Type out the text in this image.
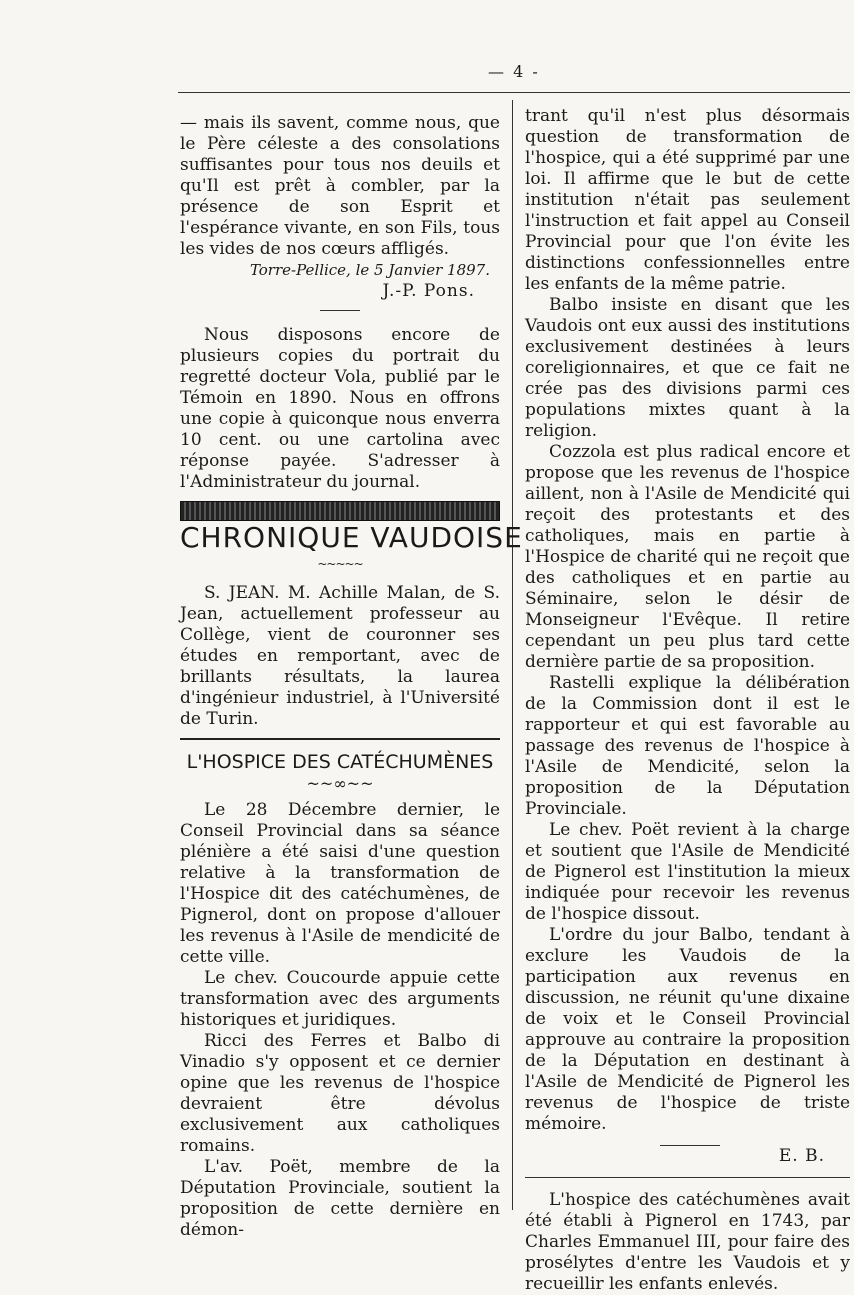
— 4 -

— mais ils savent, comme nous, que le Père céleste a des consolations suffisantes pour tous nos deuils et qu'Il est prêt à combler, par la présence de son Esprit et l'espérance vivante, en son Fils, tous les vides de nos cœurs affligés.

Torre-Pellice, le 5 Janvier 1897.

J.-P. Pons.

Nous disposons encore de plusieurs copies du portrait du regretté docteur Vola, publié par le Témoin en 1890. Nous en offrons une copie à quiconque nous enverra 10 cent. ou une cartolina avec réponse payée. S'adresser à l'Administrateur du journal.

CHRONIQUE VAUDOISE
~~~~~

S. JEAN. M. Achille Malan, de S. Jean, actuellement professeur au Collège, vient de couronner ses études en remportant, avec de brillants résultats, la laurea d'ingénieur industriel, à l'Université de Turin.

L'HOSPICE DES CATÉCHUMÈNES
~~∞~~

Le 28 Décembre dernier, le Conseil Provincial dans sa séance plénière a été saisi d'une question relative à la transformation de l'Hospice dit des catéchumènes, de Pignerol, dont on propose d'allouer les revenus à l'Asile de mendicité de cette ville.

Le chev. Coucourde appuie cette transformation avec des arguments historiques et juridiques.

Ricci des Ferres et Balbo di Vinadio s'y opposent et ce dernier opine que les revenus de l'hospice devraient être dévolus exclusivement aux catholiques romains.

L'av. Poët, membre de la Députation Provinciale, soutient la proposition de cette dernière en démon-

trant qu'il n'est plus désormais question de transformation de l'hospice, qui a été supprimé par une loi. Il affirme que le but de cette institution n'était pas seulement l'instruction et fait appel au Conseil Provincial pour que l'on évite les distinctions confessionnelles entre les enfants de la même patrie.

Balbo insiste en disant que les Vaudois ont eux aussi des institutions exclusivement destinées à leurs coreligionnaires, et que ce fait ne crée pas des divisions parmi ces populations mixtes quant à la religion.

Cozzola est plus radical encore et propose que les revenus de l'hospice aillent, non à l'Asile de Mendicité qui reçoit des protestants et des catholiques, mais en partie à l'Hospice de charité qui ne reçoit que des catholiques et en partie au Séminaire, selon le désir de Monseigneur l'Evêque. Il retire cependant un peu plus tard cette dernière partie de sa proposition.

Rastelli explique la délibération de la Commission dont il est le rapporteur et qui est favorable au passage des revenus de l'hospice à l'Asile de Mendicité, selon la proposition de la Députation Provinciale.

Le chev. Poët revient à la charge et soutient que l'Asile de Mendicité de Pignerol est l'institution la mieux indiquée pour recevoir les revenus de l'hospice dissout.

L'ordre du jour Balbo, tendant à exclure les Vaudois de la participation aux revenus en discussion, ne réunit qu'une dixaine de voix et le Conseil Provincial approuve au contraire la proposition de la Députation en destinant à l'Asile de Mendicité de Pignerol les revenus de l'hospice de triste mémoire.

E. B.

L'hospice des catéchumènes avait été établi à Pignerol en 1743, par Charles Emmanuel III, pour faire des prosélytes d'entre les Vaudois et y recueillir les enfants enlevés.
